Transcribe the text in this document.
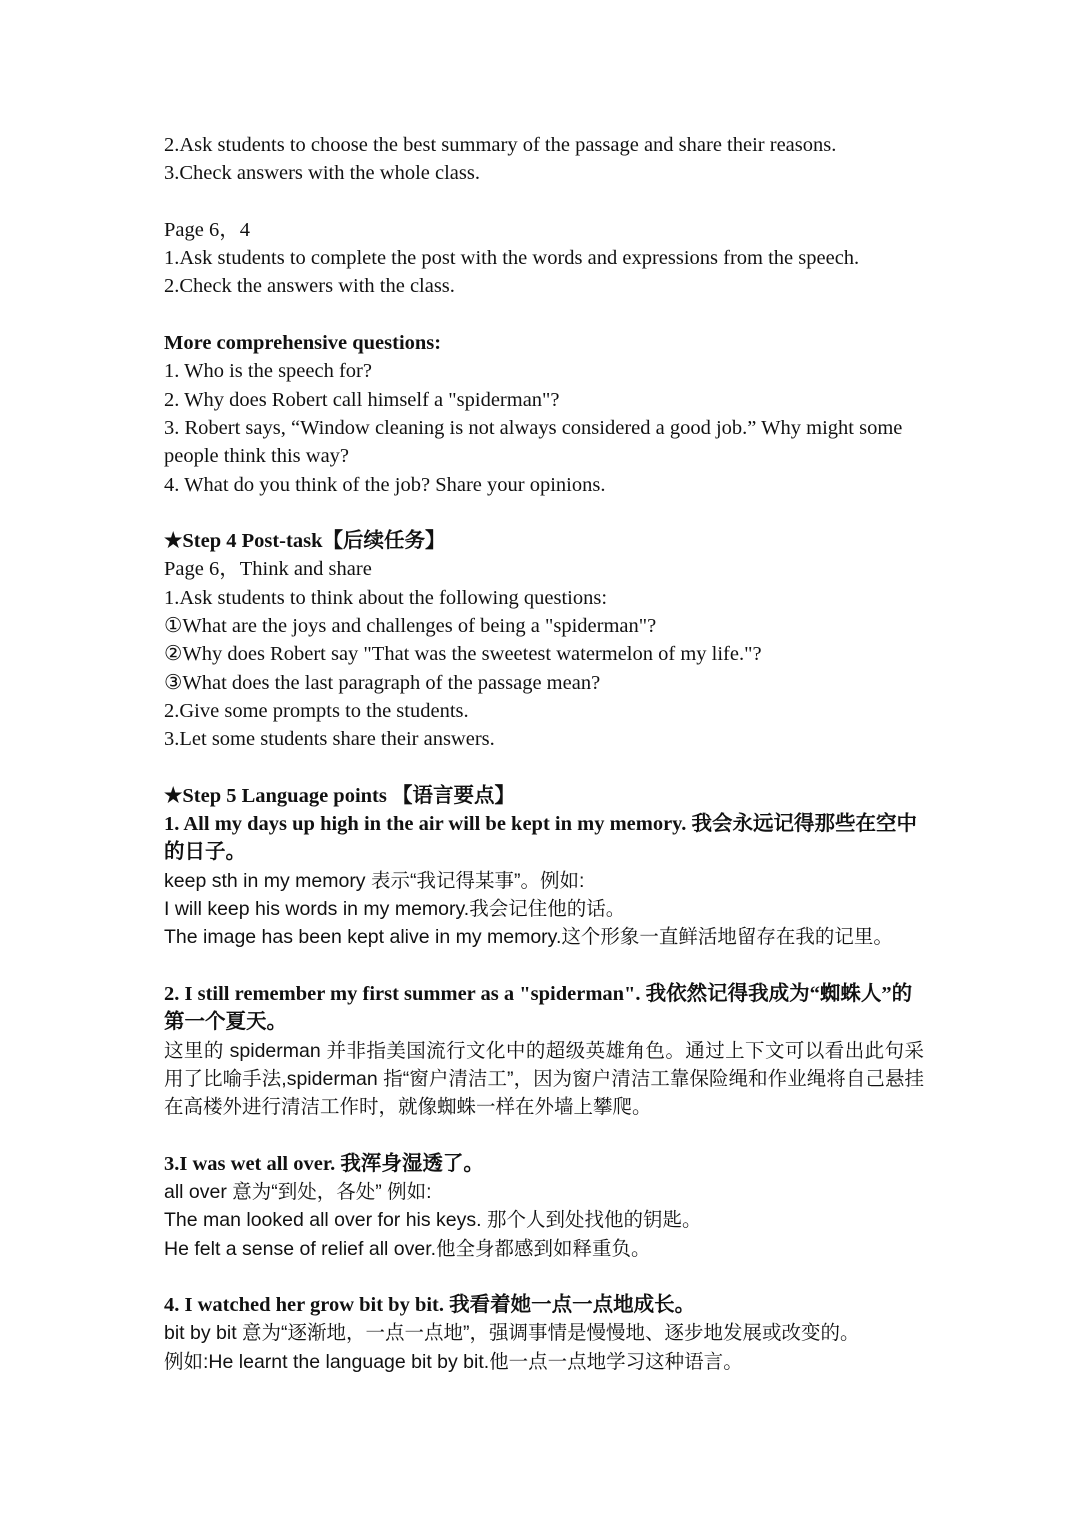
2.Ask students to choose the best summary of the passage and share their reasons.
3.Check answers with the whole class.
Page 6，4
1.Ask students to complete the post with the words and expressions from the speech.
2.Check the answers with the class.
More comprehensive questions:
1. Who is the speech for?
2. Why does Robert call himself a "spiderman"?
3. Robert says, “Window cleaning is not always considered a good job.” Why might some people think this way?
4. What do you think of the job? Share your opinions.
★Step 4 Post-task【后续任务】
Page 6，Think and share
1.Ask students to think about the following questions:
①What are the joys and challenges of being a "spiderman"?
②Why does Robert say "That was the sweetest watermelon of my life."?
③What does the last paragraph of the passage mean?
2.Give some prompts to the students.
3.Let some students share their answers.
★Step 5 Language points 【语言要点】
1. All my days up high in the air will be kept in my memory. 我会永远记得那些在空中的日子。
keep sth in my memory 表示“我记得某事”。例如:
I will keep his words in my memory.我会记住他的话。
The image has been kept alive in my memory.这个形象一直鲜活地留存在我的记里。
2. I still remember my first summer as a "spiderman". 我依然记得我成为“蜘蛛人”的第一个夏天。
这里的 spiderman 并非指美国流行文化中的超级英雄角色。通过上下文可以看出此句采用了比喻手法,spiderman 指“窗户清洁工”，因为窗户清洁工靠保险绳和作业绳将自己悬挂在高楼外进行清洁工作时，就像蜘蛛一样在外墙上攀爬。
3.I was wet all over. 我浑身湿透了。
all over 意为“到处，各处” 例如:
The man looked all over for his keys. 那个人到处找他的钥匙。
He felt a sense of relief all over.他全身都感到如释重负。
4. I watched her grow bit by bit. 我看着她一点一点地成长。
bit by bit 意为“逐渐地，一点一点地”，强调事情是慢慢地、逐步地发展或改变的。
例如:He learnt the language bit by bit.他一点一点地学习这种语言。
